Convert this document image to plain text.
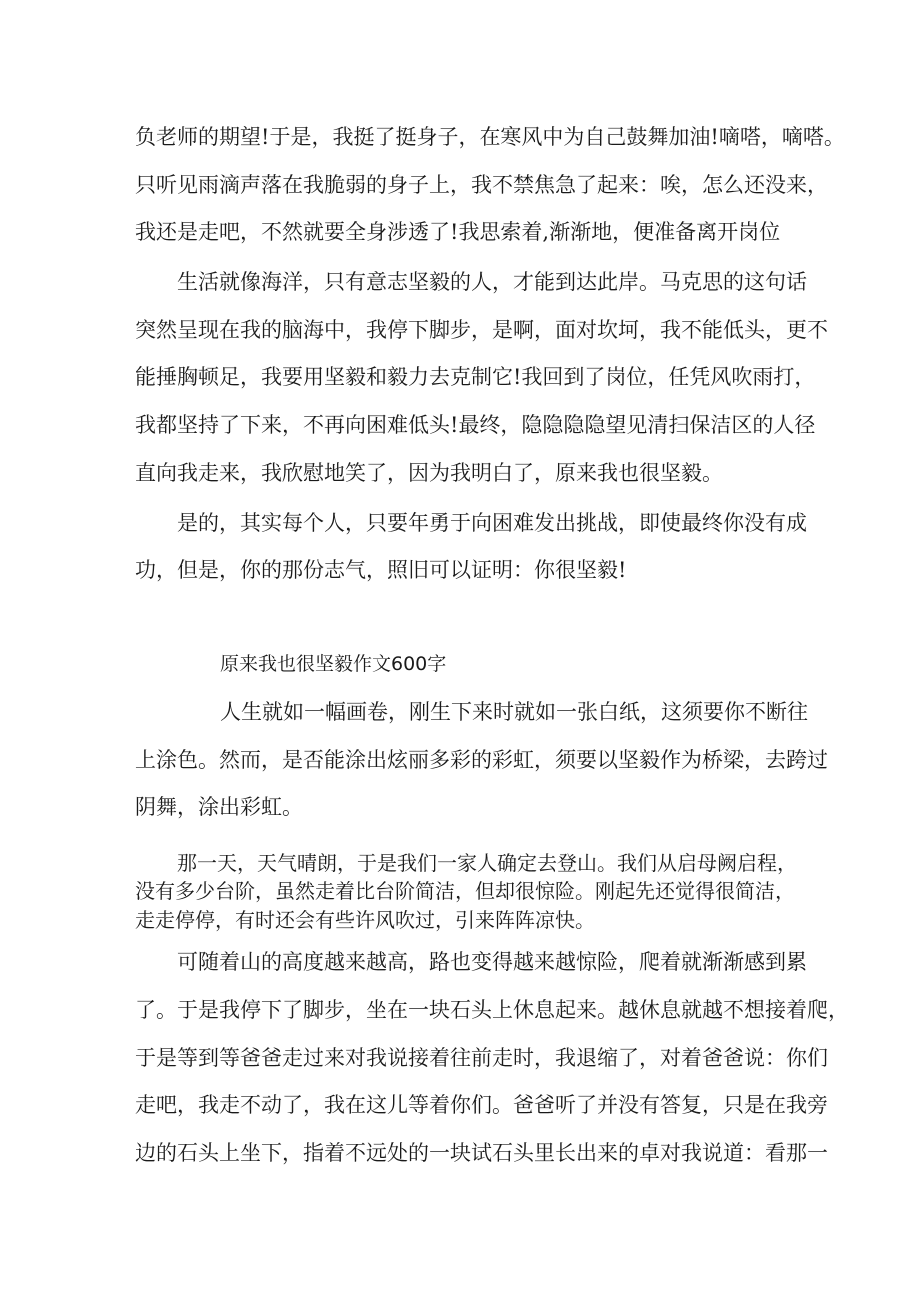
负老师的期望!于是，我挺了挺身子，在寒风中为自己鼓舞加油!嘀嗒，嘀嗒。
只听见雨滴声落在我脆弱的身子上，我不禁焦急了起来：唉，怎么还没来，
我还是走吧，不然就要全身涉透了!我思索着,渐渐地，便准备离开岗位
生活就像海洋，只有意志坚毅的人，才能到达此岸。马克思的这句话
突然呈现在我的脑海中，我停下脚步，是啊，面对坎坷，我不能低头，更不
能捶胸顿足，我要用坚毅和毅力去克制它!我回到了岗位，任凭风吹雨打，
我都坚持了下来，不再向困难低头!最终，隐隐隐隐望见清扫保洁区的人径
直向我走来，我欣慰地笑了，因为我明白了，原来我也很坚毅。
是的，其实每个人，只要年勇于向困难发出挑战，即使最终你没有成
功，但是，你的那份志气，照旧可以证明：你很坚毅!
原来我也很坚毅作文600字
人生就如一幅画卷，刚生下来时就如一张白纸，这须要你不断往
上涂色。然而，是否能涂出炫丽多彩的彩虹，须要以坚毅作为桥梁，去跨过
阴舞，涂出彩虹。
那一天，天气晴朗，于是我们一家人确定去登山。我们从启母阙启程，
没有多少台阶，虽然走着比台阶简洁，但却很惊险。刚起先还觉得很简洁，
走走停停，有时还会有些许风吹过，引来阵阵凉快。
可随着山的高度越来越高，路也变得越来越惊险，爬着就渐渐感到累
了。于是我停下了脚步，坐在一块石头上休息起来。越休息就越不想接着爬，
于是等到等爸爸走过来对我说接着往前走时，我退缩了，对着爸爸说：你们
走吧，我走不动了，我在这儿等着你们。爸爸听了并没有答复，只是在我旁
边的石头上坐下，指着不远处的一块试石头里长出来的卓对我说道：看那一
